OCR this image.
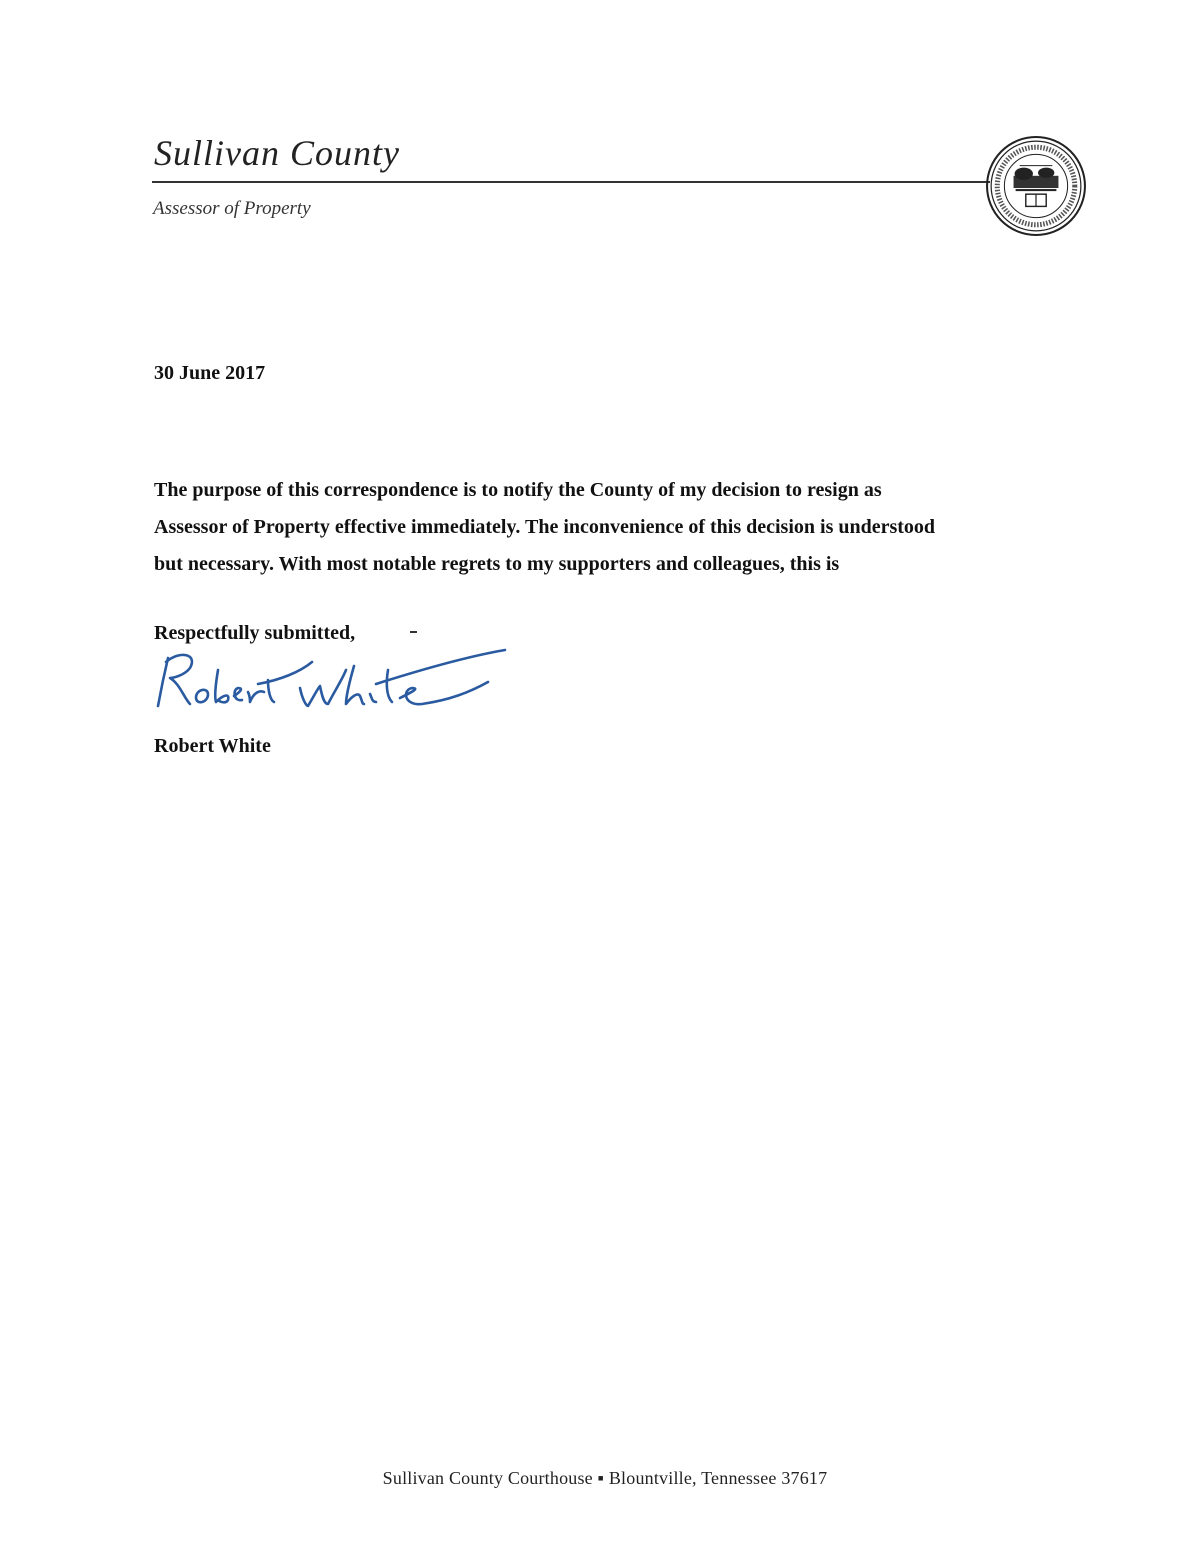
Sullivan County
Assessor of Property
30 June 2017
The purpose of this correspondence is to notify the County of my decision to resign as
Assessor of Property effective immediately. The inconvenience of this decision is understood
but necessary. With most notable regrets to my supporters and colleagues, this is
Respectfully submitted,
Robert White
Sullivan County Courthouse ▪ Blountville, Tennessee 37617
